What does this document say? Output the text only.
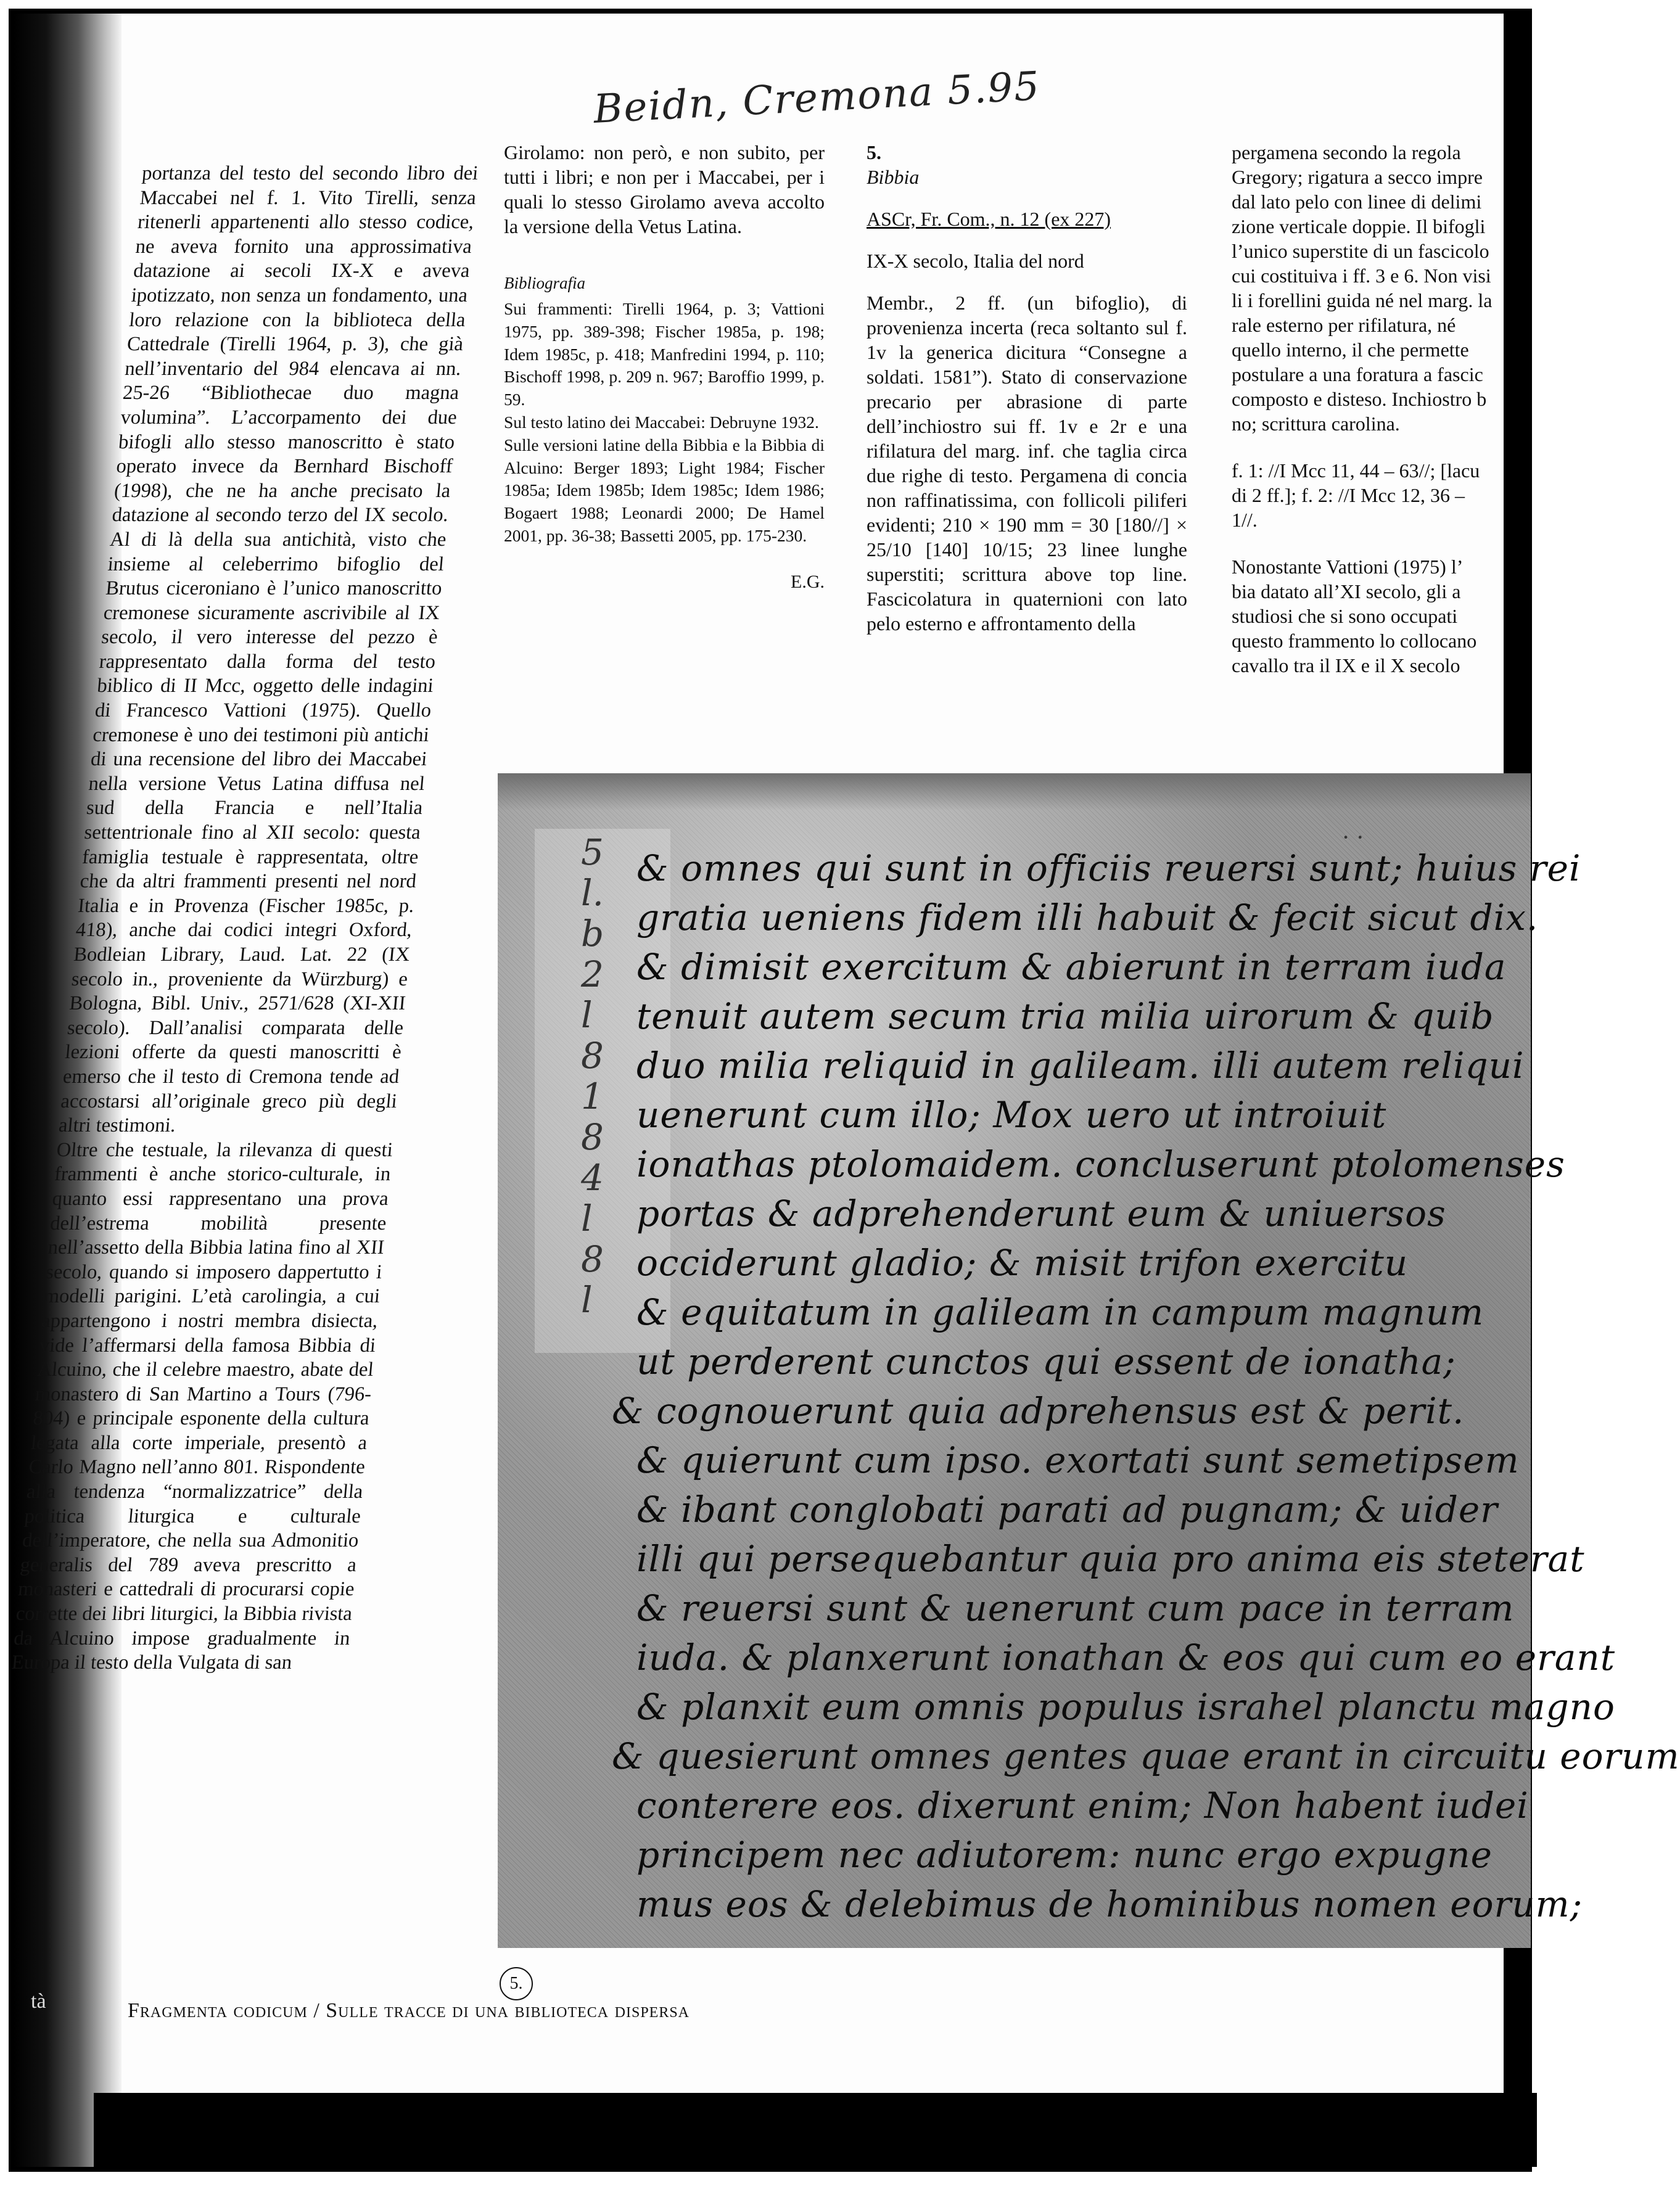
tà
Beidn, Cremona 5.95

portanza del testo del secondo libro dei Maccabei nel f. 1. Vito Tirelli, senza ritenerli appartenenti allo stesso codice, ne aveva fornito una approssimativa datazione ai secoli IX-X e aveva ipotizzato, non senza un fondamento, una loro relazione con la biblioteca della Cattedrale (Tirelli 1964, p. 3), che già nell’inventario del 984 elencava ai nn. 25-26 “Bibliothecae duo magna volumina”. L’accorpamento dei due bifogli allo stesso manoscritto è stato operato invece da Bernhard Bischoff (1998), che ne ha anche precisato la datazione al secondo terzo del IX secolo. Al di là della sua antichità, visto che insieme al celeberrimo bifoglio del Brutus ciceroniano è l’unico manoscritto cremonese sicuramente ascrivibile al IX secolo, il vero interesse del pezzo è rappresentato dalla forma del testo biblico di II Mcc, oggetto delle indagini di Francesco Vattioni (1975). Quello cremonese è uno dei testimoni più antichi di una recensione del libro dei Maccabei nella versione Vetus Latina diffusa nel sud della Francia e nell’Italia settentrionale fino al XII secolo: questa famiglia testuale è rappresentata, oltre che da altri frammenti presenti nel nord Italia e in Provenza (Fischer 1985c, p. 418), anche dai codici integri Oxford, Bodleian Library, Laud. Lat. 22 (IX secolo in., proveniente da Würzburg) e Bologna, Bibl. Univ., 2571/628 (XI-XII secolo). Dall’analisi comparata delle lezioni offerte da questi manoscritti è emerso che il testo di Cremona tende ad accostarsi all’originale greco più degli altri testimoni.

Oltre che testuale, la rilevanza di questi frammenti è anche storico-culturale, in quanto essi rappresentano una prova dell’estrema mobilità presente nell’assetto della Bibbia latina fino al XII secolo, quando si imposero dappertutto i modelli parigini. L’età carolingia, a cui appartengono i nostri membra disiecta, vide l’affermarsi della famosa Bibbia di Alcuino, che il celebre maestro, abate del monastero di San Martino a Tours (796-804) e principale esponente della cultura legata alla corte imperiale, presentò a Carlo Magno nell’anno 801. Rispondente alla tendenza “normalizzatrice” della politica liturgica e culturale dell’imperatore, che nella sua Admonitio generalis del 789 aveva prescritto a monasteri e cattedrali di procurarsi copie corrette dei libri liturgici, la Bibbia rivista da Alcuino impose gradualmente in Europa il testo della Vulgata di san

Girolamo: non però, e non subito, per tutti i libri; e non per i Maccabei, per i quali lo stesso Girolamo aveva accolto la versione della Vetus Latina.

Bibliografia

Sui frammenti: Tirelli 1964, p. 3; Vattioni 1975, pp. 389-398; Fischer 1985a, p. 198; Idem 1985c, p. 418; Manfredini 1994, p. 110; Bischoff 1998, p. 209 n. 967; Baroffio 1999, p. 59.

Sul testo latino dei Maccabei: Debruyne 1932.

Sulle versioni latine della Bibbia e la Bibbia di Alcuino: Berger 1893; Light 1984; Fischer 1985a; Idem 1985b; Idem 1985c; Idem 1986; Bogaert 1988; Leonardi 2000; De Hamel 2001, pp. 36-38; Bassetti 2005, pp. 175-230.

E.G.

5.

Bibbia

ASCr, Fr. Com., n. 12 (ex 227)

IX-X secolo, Italia del nord

Membr., 2 ff. (un bifoglio), di provenienza incerta (reca soltanto sul f. 1v la generica dicitura “Consegne a soldati. 1581”). Stato di conservazione precario per abrasione di parte dell’inchiostro sui ff. 1v e 2r e una rifilatura del marg. inf. che taglia circa due righe di testo. Pergamena di concia non raffinatissima, con follicoli piliferi evidenti; 210 × 190 mm = 30 [180//] × 25/10 [140] 10/15; 23 linee lunghe superstiti; scrittura above top line. Fascicolatura in quaternioni con lato pelo esterno e affrontamento della

pergamena secondo la regola

Gregory; rigatura a secco impre

dal lato pelo con linee di delimi

zione verticale doppie. Il bifogli

l’unico superstite di un fascicolo

cui costituiva i ff. 3 e 6. Non visi

li i forellini guida né nel marg. la

rale esterno per rifilatura, né

quello interno, il che permette

postulare a una foratura a fascic

composto e disteso. Inchiostro b

no; scrittura carolina.

f. 1: //I Mcc 11, 44 – 63//; [lacu

di 2 ff.]; f. 2: //I Mcc 12, 36 –

1//.

Nonostante Vattioni (1975) l’

bia datato all’XI secolo, gli a

studiosi che si sono occupati

questo frammento lo collocano

cavallo tra il IX e il X secolo

5 l. b 2 l 8 1 8 4 l 8 l
· ·
& omnes qui sunt in officiis reuersi sunt; huius rei
gratia ueniens fidem illi habuit & fecit sicut dix.
& dimisit exercitum & abierunt in terram iuda
tenuit autem secum tria milia uirorum & quib
duo milia reliquid in galileam. illi autem reliqui
uenerunt cum illo; Mox uero ut introiuit
ionathas ptolomaidem. concluserunt ptolomenses
portas & adprehenderunt eum & uniuersos
occiderunt gladio; & misit trifon exercitu
& equitatum in galileam in campum magnum
ut perderent cunctos qui essent de ionatha;
& cognouerunt quia adprehensus est & perit.
& quierunt cum ipso. exortati sunt semetipsem
& ibant conglobati parati ad pugnam; & uider
illi qui persequebantur quia pro anima eis steterat
& reuersi sunt & uenerunt cum pace in terram
iuda. & planxerunt ionathan & eos qui cum eo erant
& planxit eum omnis populus israhel planctu magno
& quesierunt omnes gentes quae erant in circuitu eorum
conterere eos. dixerunt enim; Non habent iudei
principem nec adiutorem: nunc ergo expugne
mus eos & delebimus de hominibus nomen eorum;
5.
Fragmenta codicum / Sulle tracce di una biblioteca dispersa
